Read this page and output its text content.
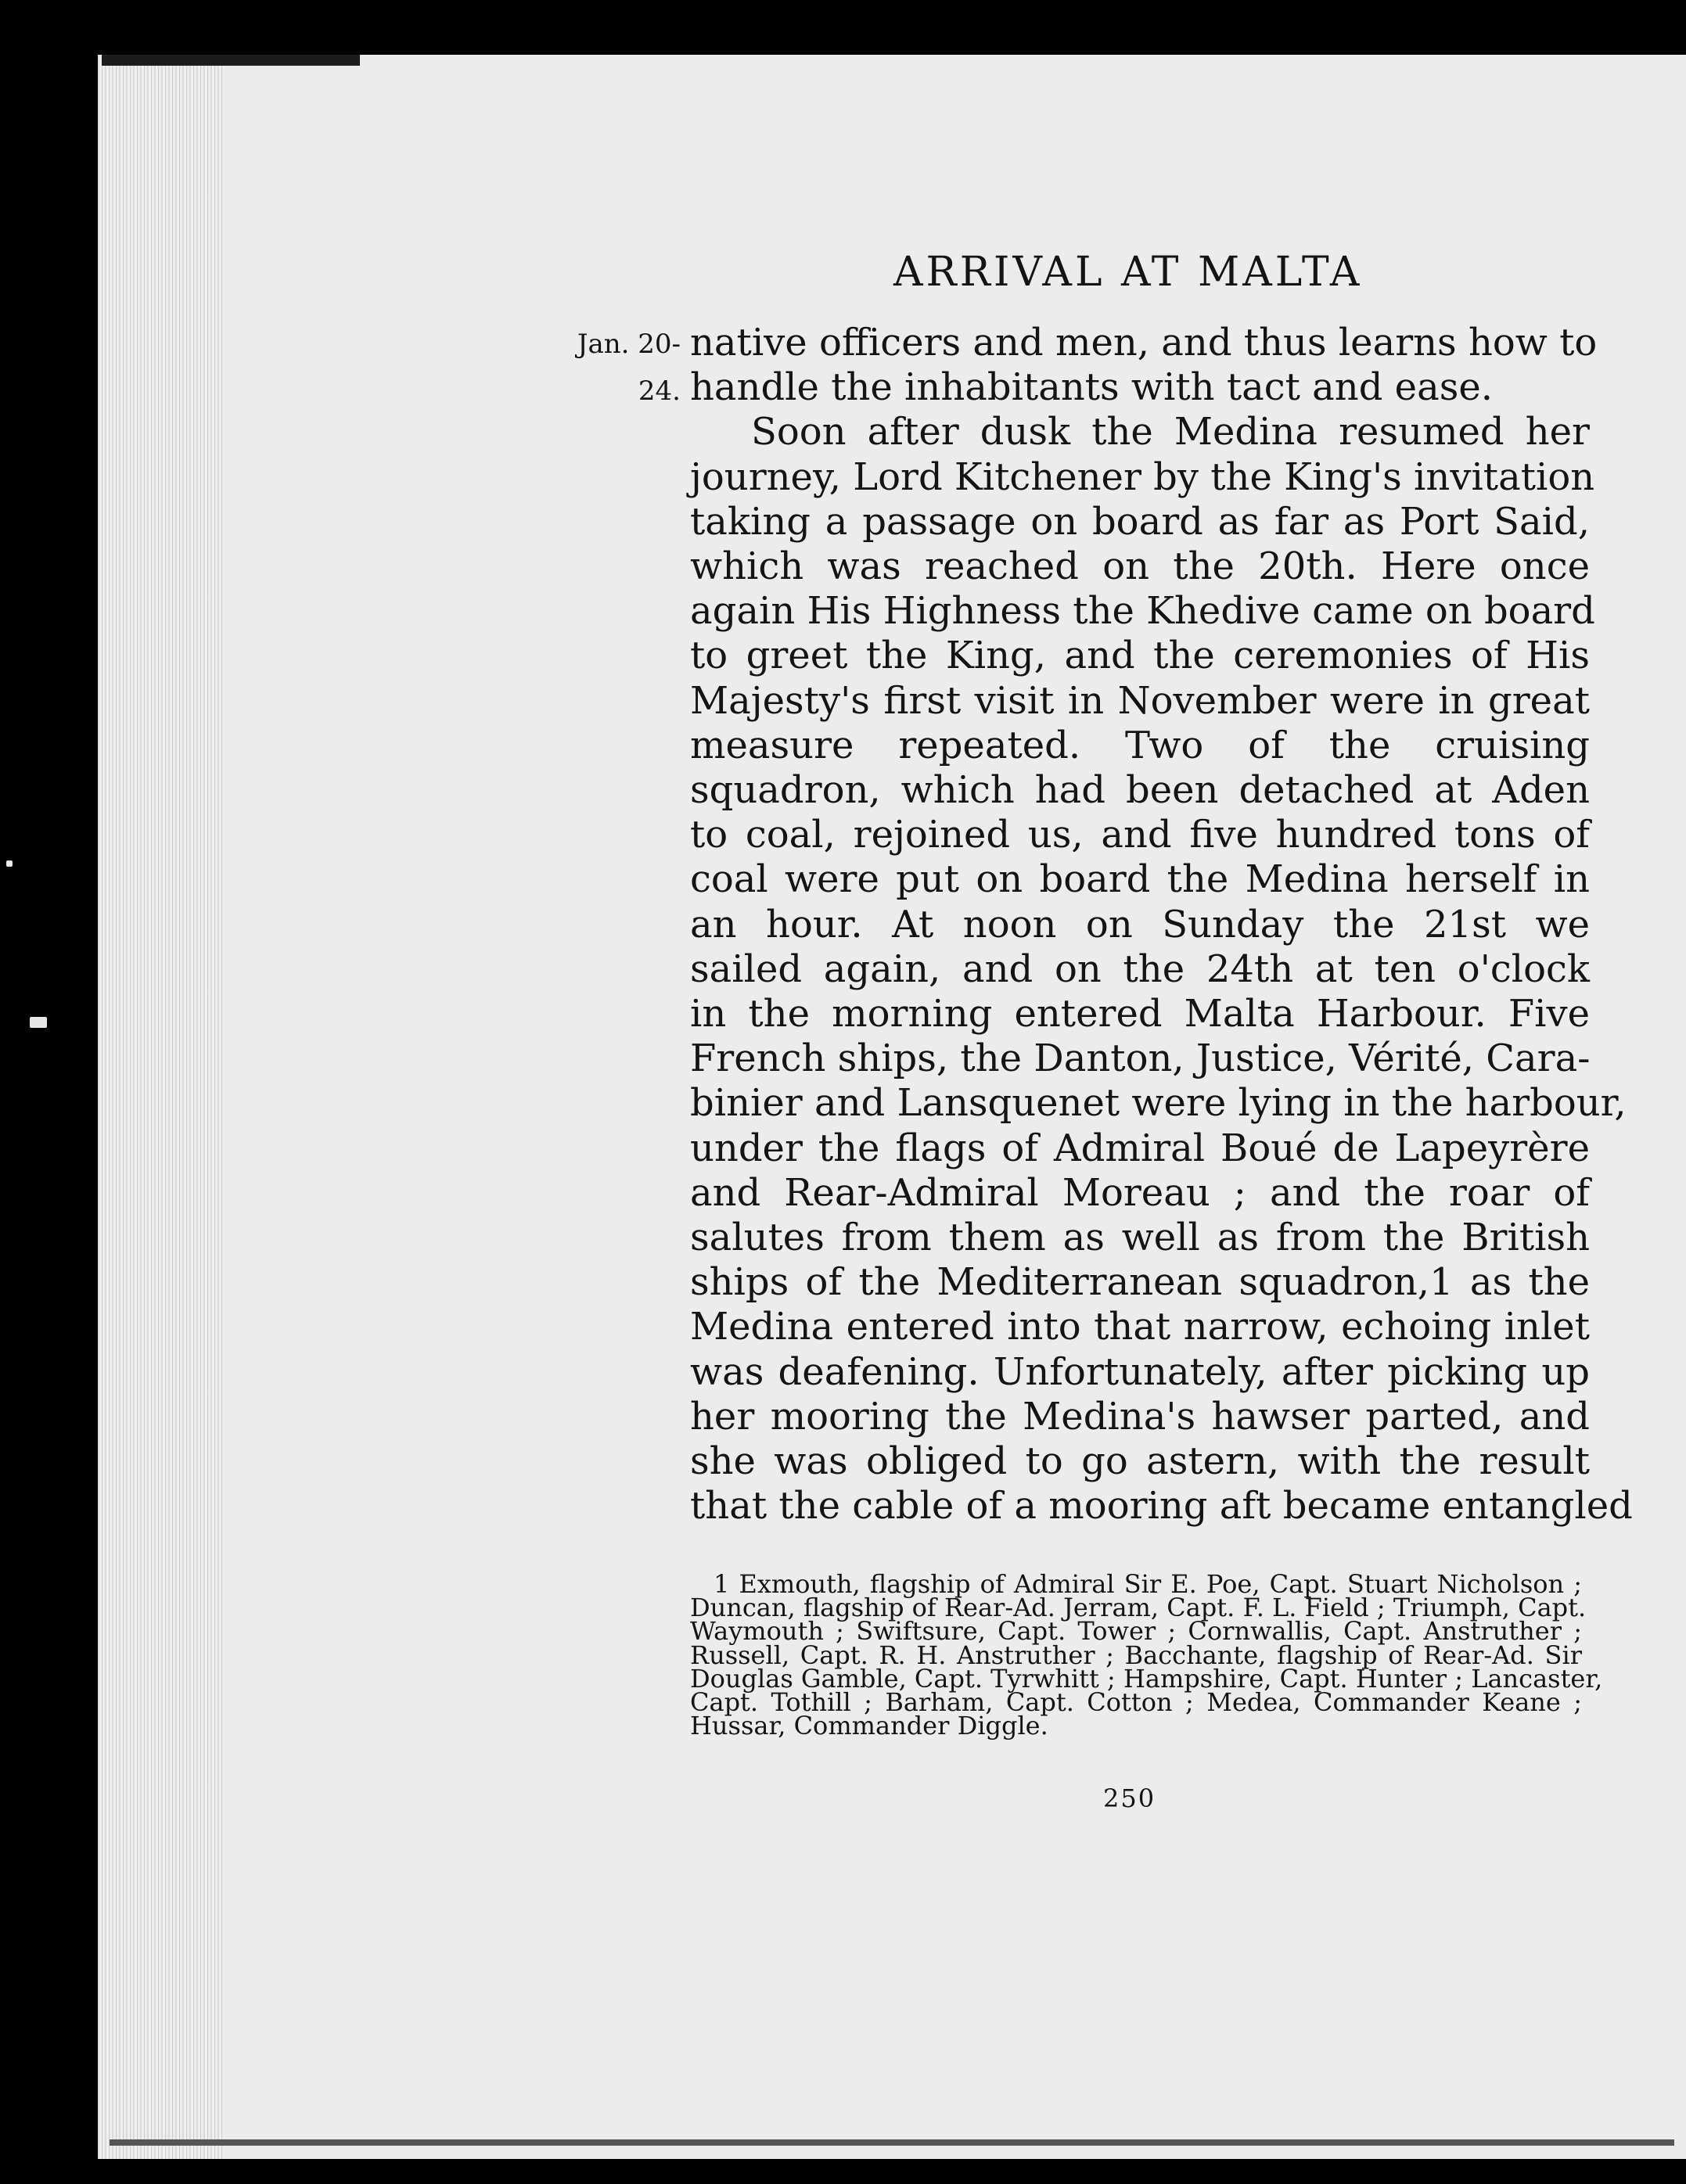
ARRIVAL AT MALTA
Jan. 20-
24.
native officers and men, and thus learns how to
handle the inhabitants with tact and ease.
Soon after dusk the Medina resumed her
journey, Lord Kitchener by the King's invitation
taking a passage on board as far as Port Said,
which was reached on the 20th. Here once
again His Highness the Khedive came on board
to greet the King, and the ceremonies of His
Majesty's first visit in November were in great
measure repeated. Two of the cruising
squadron, which had been detached at Aden
to coal, rejoined us, and five hundred tons of
coal were put on board the Medina herself in
an hour. At noon on Sunday the 21st we
sailed again, and on the 24th at ten o'clock
in the morning entered Malta Harbour. Five
French ships, the Danton, Justice, Vérité, Cara-
binier and Lansquenet were lying in the harbour,
under the flags of Admiral Boué de Lapeyrère
and Rear-Admiral Moreau ; and the roar of
salutes from them as well as from the British
ships of the Mediterranean squadron,1 as the
Medina entered into that narrow, echoing inlet
was deafening. Unfortunately, after picking up
her mooring the Medina's hawser parted, and
she was obliged to go astern, with the result
that the cable of a mooring aft became entangled
1 Exmouth, flagship of Admiral Sir E. Poe, Capt. Stuart Nicholson ;
Duncan, flagship of Rear-Ad. Jerram, Capt. F. L. Field ; Triumph, Capt.
Waymouth ; Swiftsure, Capt. Tower ; Cornwallis, Capt. Anstruther ;
Russell, Capt. R. H. Anstruther ; Bacchante, flagship of Rear-Ad. Sir
Douglas Gamble, Capt. Tyrwhitt ; Hampshire, Capt. Hunter ; Lancaster,
Capt. Tothill ; Barham, Capt. Cotton ; Medea, Commander Keane ;
Hussar, Commander Diggle.
250
